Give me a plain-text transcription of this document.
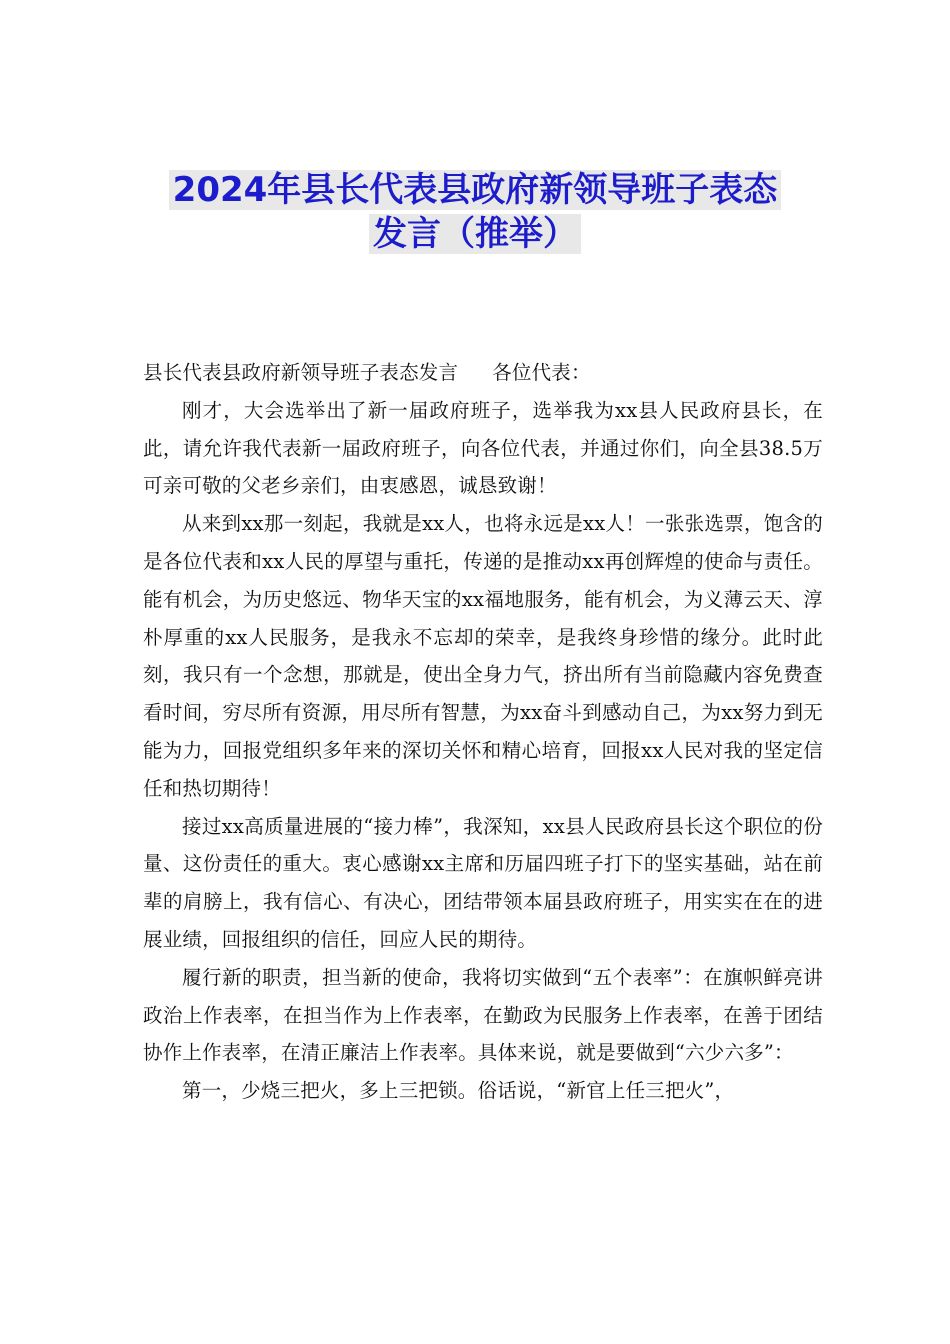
2024年县长代表县政府新领导班子表态
发言（推举）

县长代表县政府新领导班子表态发言 各位代表：

刚才，大会选举出了新一届政府班子，选举我为xx县人民政府县长，在此，请允许我代表新一届政府班子，向各位代表，并通过你们，向全县38.5万可亲可敬的父老乡亲们，由衷感恩，诚恳致谢！

从来到xx那一刻起，我就是xx人，也将永远是xx人！一张张选票，饱含的是各位代表和xx人民的厚望与重托，传递的是推动xx再创辉煌的使命与责任。能有机会，为历史悠远、物华天宝的xx福地服务，能有机会，为义薄云天、淳朴厚重的xx人民服务，是我永不忘却的荣幸，是我终身珍惜的缘分。此时此刻，我只有一个念想，那就是，使出全身力气，挤出所有当前隐藏内容免费查看时间，穷尽所有资源，用尽所有智慧，为xx奋斗到感动自己，为xx努力到无能为力，回报党组织多年来的深切关怀和精心培育，回报xx人民对我的坚定信任和热切期待！

接过xx高质量进展的“接力棒”，我深知，xx县人民政府县长这个职位的份量、这份责任的重大。衷心感谢xx主席和历届四班子打下的坚实基础，站在前辈的肩膀上，我有信心、有决心，团结带领本届县政府班子，用实实在在的进展业绩，回报组织的信任，回应人民的期待。

履行新的职责，担当新的使命，我将切实做到“五个表率”：在旗帜鲜亮讲政治上作表率，在担当作为上作表率，在勤政为民服务上作表率，在善于团结协作上作表率，在清正廉洁上作表率。具体来说，就是要做到“六少六多”：

第一，少烧三把火，多上三把锁。俗话说，“新官上任三把火”，
